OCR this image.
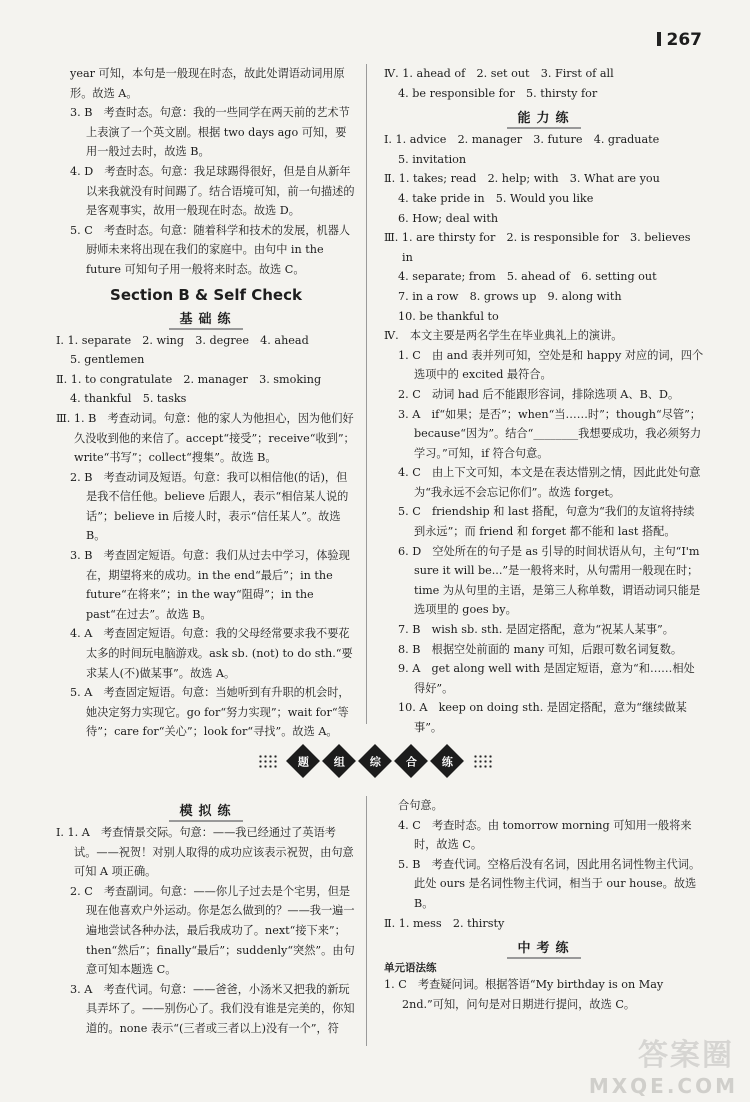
267

year 可知，本句是一般现在时态，故此处谓语动词用原形。故选 A。

3. B　考查时态。句意：我的一些同学在两天前的艺术节上表演了一个英文剧。根据 two days ago 可知，要用一般过去时，故选 B。

4. D　考查时态。句意：我足球踢得很好，但是自从新年以来我就没有时间踢了。结合语境可知，前一句描述的是客观事实，故用一般现在时态。故选 D。

5. C　考查时态。句意：随着科学和技术的发展，机器人厨师未来将出现在我们的家庭中。由句中 in the future 可知句子用一般将来时态。故选 C。

Section B & Self Check
基础练

Ⅰ. 1. separate　2. wing　3. degree　4. ahead

5. gentlemen

Ⅱ. 1. to congratulate　2. manager　3. smoking

4. thankful　5. tasks

Ⅲ. 1. B　考查动词。句意：他的家人为他担心，因为他们好久没收到他的来信了。accept“接受”；receive“收到”；write“书写”；collect“搜集”。故选 B。

2. B　考查动词及短语。句意：我可以相信他(的话)，但是我不信任他。believe 后跟人，表示“相信某人说的话”；believe in 后接人时，表示“信任某人”。故选 B。

3. B　考查固定短语。句意：我们从过去中学习，体验现在，期望将来的成功。in the end“最后”；in the future“在将来”；in the way“阻碍”；in the past“在过去”。故选 B。

4. A　考查固定短语。句意：我的父母经常要求我不要花太多的时间玩电脑游戏。ask sb. (not) to do sth.“要求某人(不)做某事”。故选 A。

5. A　考查固定短语。句意：当她听到有升职的机会时，她决定努力实现它。go for“努力实现”；wait for“等待”；care for“关心”；look for“寻找”。故选 A。

Ⅳ. 1. ahead of　2. set out　3. First of all

4. be responsible for　5. thirsty for

能力练

Ⅰ. 1. advice　2. manager　3. future　4. graduate

5. invitation

Ⅱ. 1. takes; read　2. help; with　3. What are you

4. take pride in　5. Would you like

6. How; deal with

Ⅲ. 1. are thirsty for　2. is responsible for　3. believes in

4. separate; from　5. ahead of　6. setting out

7. in a row　8. grows up　9. along with

10. be thankful to

Ⅳ.　本文主要是两名学生在毕业典礼上的演讲。

1. C　由 and 表并列可知，空处是和 happy 对应的词，四个选项中的 excited 最符合。

2. C　动词 had 后不能跟形容词，排除选项 A、B、D。

3. A　if“如果；是否”；when“当……时”；though“尽管”；because“因为”。结合“________我想要成功，我必须努力学习。”可知，if 符合句意。

4. C　由上下文可知，本文是在表达惜别之情，因此此处句意为“我永远不会忘记你们”。故选 forget。

5. C　friendship 和 last 搭配，句意为“我们的友谊将持续到永远”；而 friend 和 forget 都不能和 last 搭配。

6. D　空处所在的句子是 as 引导的时间状语从句，主句“I'm sure it will be...”是一般将来时，从句需用一般现在时；time 为从句里的主语，是第三人称单数，谓语动词只能是选项里的 goes by。

7. B　wish sb. sth. 是固定搭配，意为“祝某人某事”。

8. B　根据空处前面的 many 可知，后跟可数名词复数。

9. A　get along well with 是固定短语，意为“和……相处得好”。

10. A　keep on doing sth. 是固定搭配，意为“继续做某事”。

题 组 综 合 练
模拟练

Ⅰ. 1. A　考查情景交际。句意：——我已经通过了英语考试。——祝贺！对别人取得的成功应该表示祝贺，由句意可知 A 项正确。

2. C　考查副词。句意：——你儿子过去是个宅男，但是现在他喜欢户外运动。你是怎么做到的？——我一遍一遍地尝试各种办法，最后我成功了。next“接下来”；then“然后”；finally“最后”；suddenly“突然”。由句意可知本题选 C。

3. A　考查代词。句意：——爸爸，小汤米又把我的新玩具弄坏了。——别伤心了。我们没有谁是完美的，你知道的。none 表示“(三者或三者以上)没有一个”，符

合句意。

4. C　考查时态。由 tomorrow morning 可知用一般将来时，故选 C。

5. B　考查代词。空格后没有名词，因此用名词性物主代词。此处 ours 是名词性物主代词，相当于 our house。故选 B。

Ⅱ. 1. mess　2. thirsty

中考练
单元语法练

1. C　考查疑问词。根据答语“My birthday is on May 2nd.”可知，问句是对日期进行提问，故选 C。

答案圈
MXQE.COM
